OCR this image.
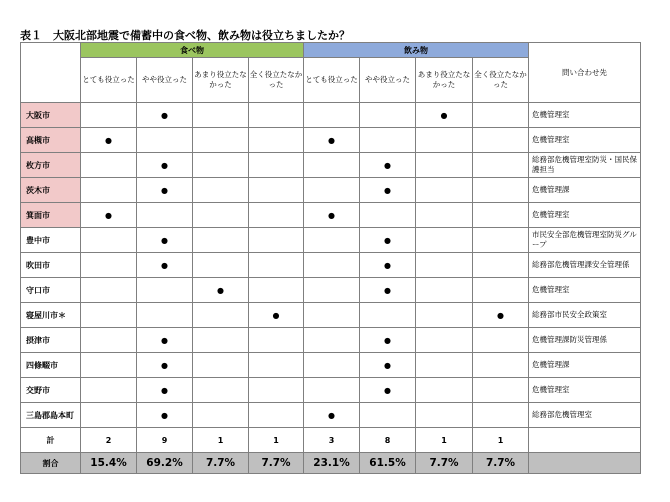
表１　大阪北部地震で備蓄中の食べ物、飲み物は役立ちましたか？
	食べ物				飲み物				問い合わせ先
	とても役立った	やや役立った	あまり役立たなかった	全く役立たなかった	とても役立った	やや役立った	あまり役立たなかった	全く役立たなかった	
大阪市		●					●		危機管理室
高槻市	●				●				危機管理室
枚方市		●				●			総務部危機管理室防災・国民保護担当
茨木市		●				●			危機管理課
箕面市	●				●				危機管理室
豊中市		●				●			市民安全部危機管理室防災グループ
吹田市		●				●			総務部危機管理課安全管理係
守口市			●			●			危機管理室
寝屋川市＊				●				●	総務部市民安全政策室
摂津市		●				●			危機管理課防災管理係
四條畷市		●				●			危機管理課
交野市		●				●			危機管理室
三島郡島本町		●			●				総務部危機管理室
計	2	9	1	1	3	8	1	1	
割合	15.4%	69.2%	7.7%	7.7%	23.1%	61.5%	7.7%	7.7%	
